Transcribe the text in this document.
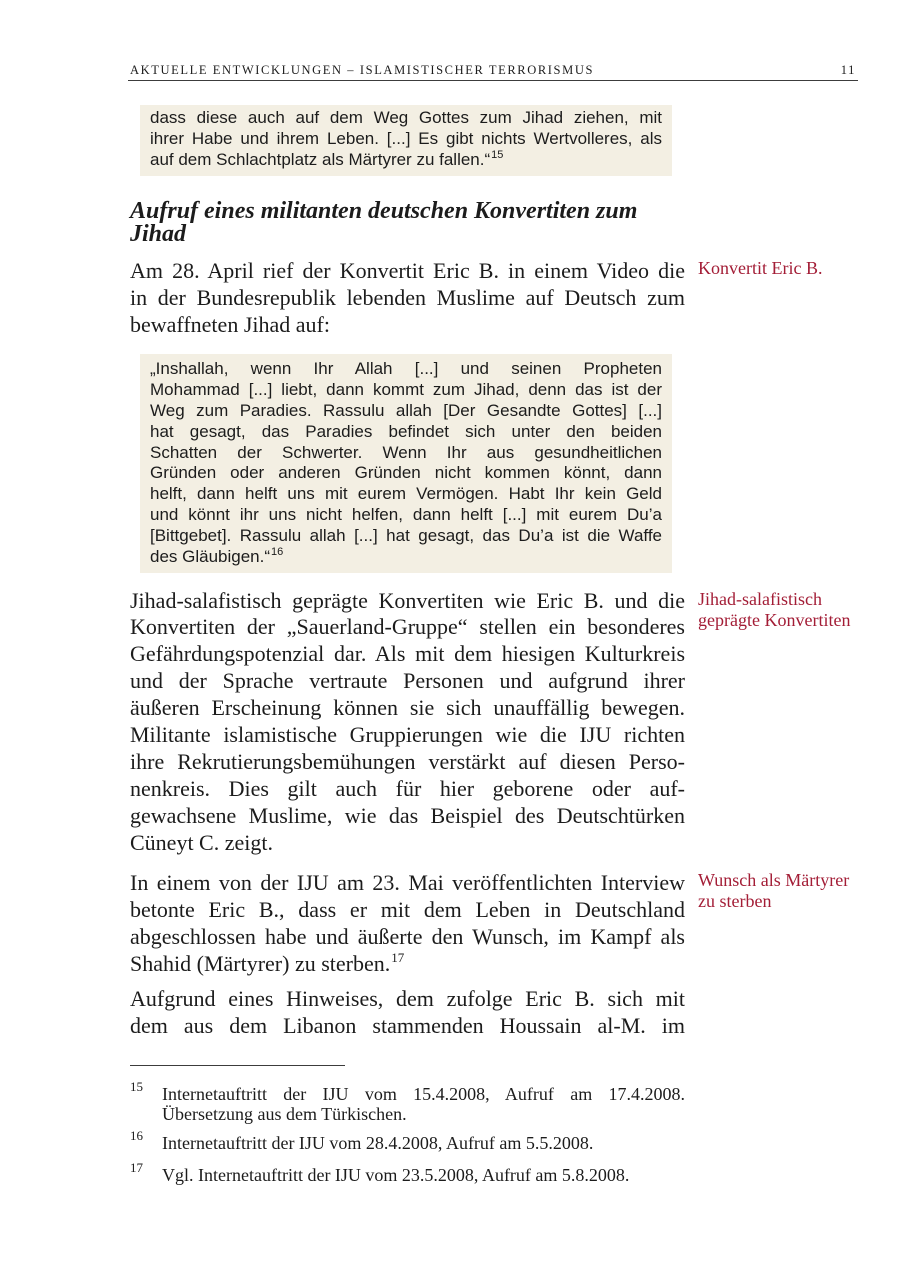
AKTUELLE ENTWICKLUNGEN – ISLAMISTISCHER TERRORISMUS	11
dass diese auch auf dem Weg Gottes zum Jihad ziehen, mit
ihrer Habe und ihrem Leben. [...] Es gibt nichts Wertvolleres, als
auf dem Schlachtplatz als Märtyrer zu fallen.“$^{15}$
Aufruf eines militanten deutschen Konvertiten zum
Jihad
Am 28. April rief der Konvertit Eric B. in einem Video die
in der Bundesrepublik lebenden Muslime auf Deutsch zum
bewaffneten Jihad auf:
Konvertit Eric B.
„Inshallah, wenn Ihr Allah [...] und seinen Propheten
Mohammad [...] liebt, dann kommt zum Jihad, denn das ist der
Weg zum Paradies. Rassulu allah [Der Gesandte Gottes] [...]
hat gesagt, das Paradies befindet sich unter den beiden
Schatten der Schwerter. Wenn Ihr aus gesundheitlichen
Gründen oder anderen Gründen nicht kommen könnt, dann
helft, dann helft uns mit eurem Vermögen. Habt Ihr kein Geld
und könnt ihr uns nicht helfen, dann helft [...] mit eurem Du’a
[Bittgebet]. Rassulu allah [...] hat gesagt, das Du’a ist die Waffe
des Gläubigen.“$^{16}$
Jihad-salafistisch geprägte Konvertiten wie Eric B. und die
Konvertiten der „Sauerland-Gruppe“ stellen ein besonderes
Gefährdungspotenzial dar. Als mit dem hiesigen Kulturkreis
und der Sprache vertraute Personen und aufgrund ihrer
äußeren Erscheinung können sie sich unauffällig bewegen.
Militante islamistische Gruppierungen wie die IJU richten
ihre Rekrutierungsbemühungen verstärkt auf diesen Perso-
nenkreis. Dies gilt auch für hier geborene oder auf-
gewachsene Muslime, wie das Beispiel des Deutschtürken
Cüneyt C. zeigt.
Jihad-salafistisch
geprägte Konvertiten
In einem von der IJU am 23. Mai veröffentlichten Interview
betonte Eric B., dass er mit dem Leben in Deutschland
abgeschlossen habe und äußerte den Wunsch, im Kampf als
Shahid (Märtyrer) zu sterben.$^{17}$
Wunsch als Märtyrer
zu sterben
Aufgrund eines Hinweises, dem zufolge Eric B. sich mit
dem aus dem Libanon stammenden Houssain al-M. im
15 Internetauftritt der IJU vom 15.4.2008, Aufruf am 17.4.2008.
Übersetzung aus dem Türkischen.
16 Internetauftritt der IJU vom 28.4.2008, Aufruf am 5.5.2008.
17 Vgl. Internetauftritt der IJU vom 23.5.2008, Aufruf am 5.8.2008.
